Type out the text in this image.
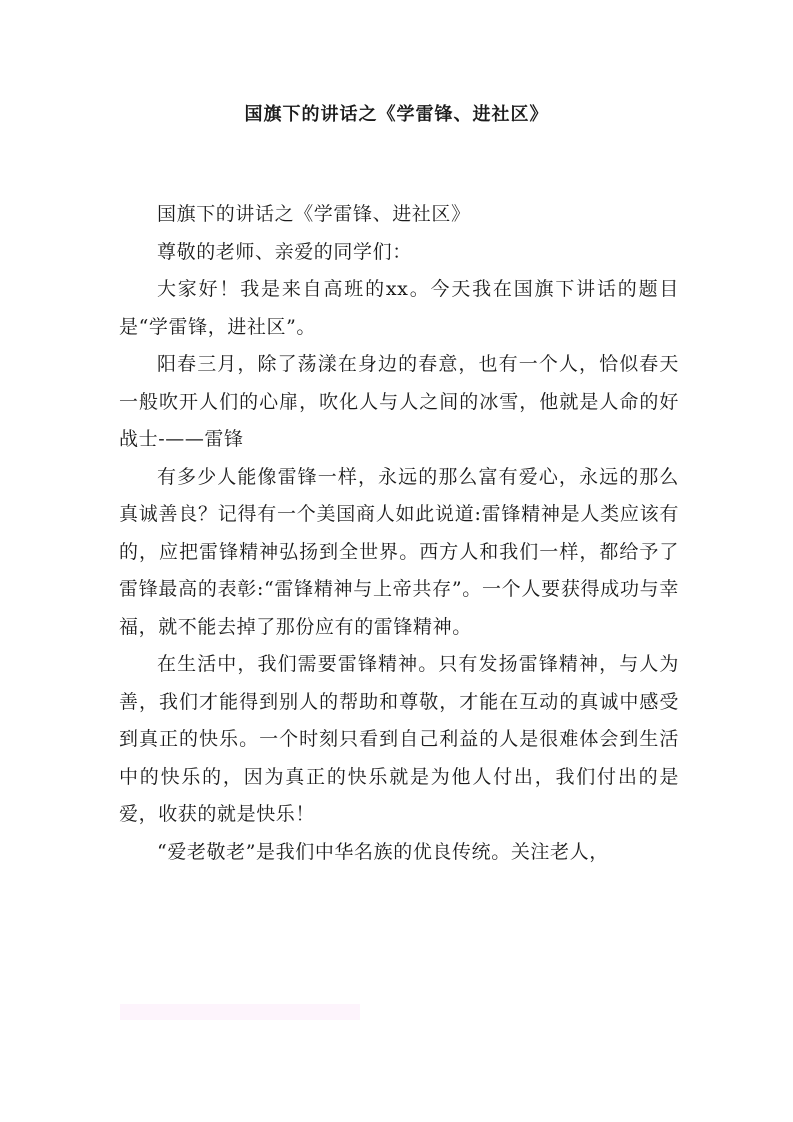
国旗下的讲话之《学雷锋、进社区》

国旗下的讲话之《学雷锋、进社区》

尊敬的老师、亲爱的同学们：

大家好！我是来自高班的xx。今天我在国旗下讲话的题目是“学雷锋，进社区”。

阳春三月，除了荡漾在身边的春意，也有一个人，恰似春天一般吹开人们的心扉，吹化人与人之间的冰雪，他就是人命的好战士-——雷锋

有多少人能像雷锋一样，永远的那么富有爱心，永远的那么真诚善良？记得有一个美国商人如此说道:雷锋精神是人类应该有的，应把雷锋精神弘扬到全世界。西方人和我们一样，都给予了雷锋最高的表彰:“雷锋精神与上帝共存”。一个人要获得成功与幸福，就不能去掉了那份应有的雷锋精神。

在生活中，我们需要雷锋精神。只有发扬雷锋精神，与人为善，我们才能得到别人的帮助和尊敬，才能在互动的真诚中感受到真正的快乐。一个时刻只看到自己利益的人是很难体会到生活中的快乐的，因为真正的快乐就是为他人付出，我们付出的是爱，收获的就是快乐！

“爱老敬老”是我们中华名族的优良传统。关注老人，
